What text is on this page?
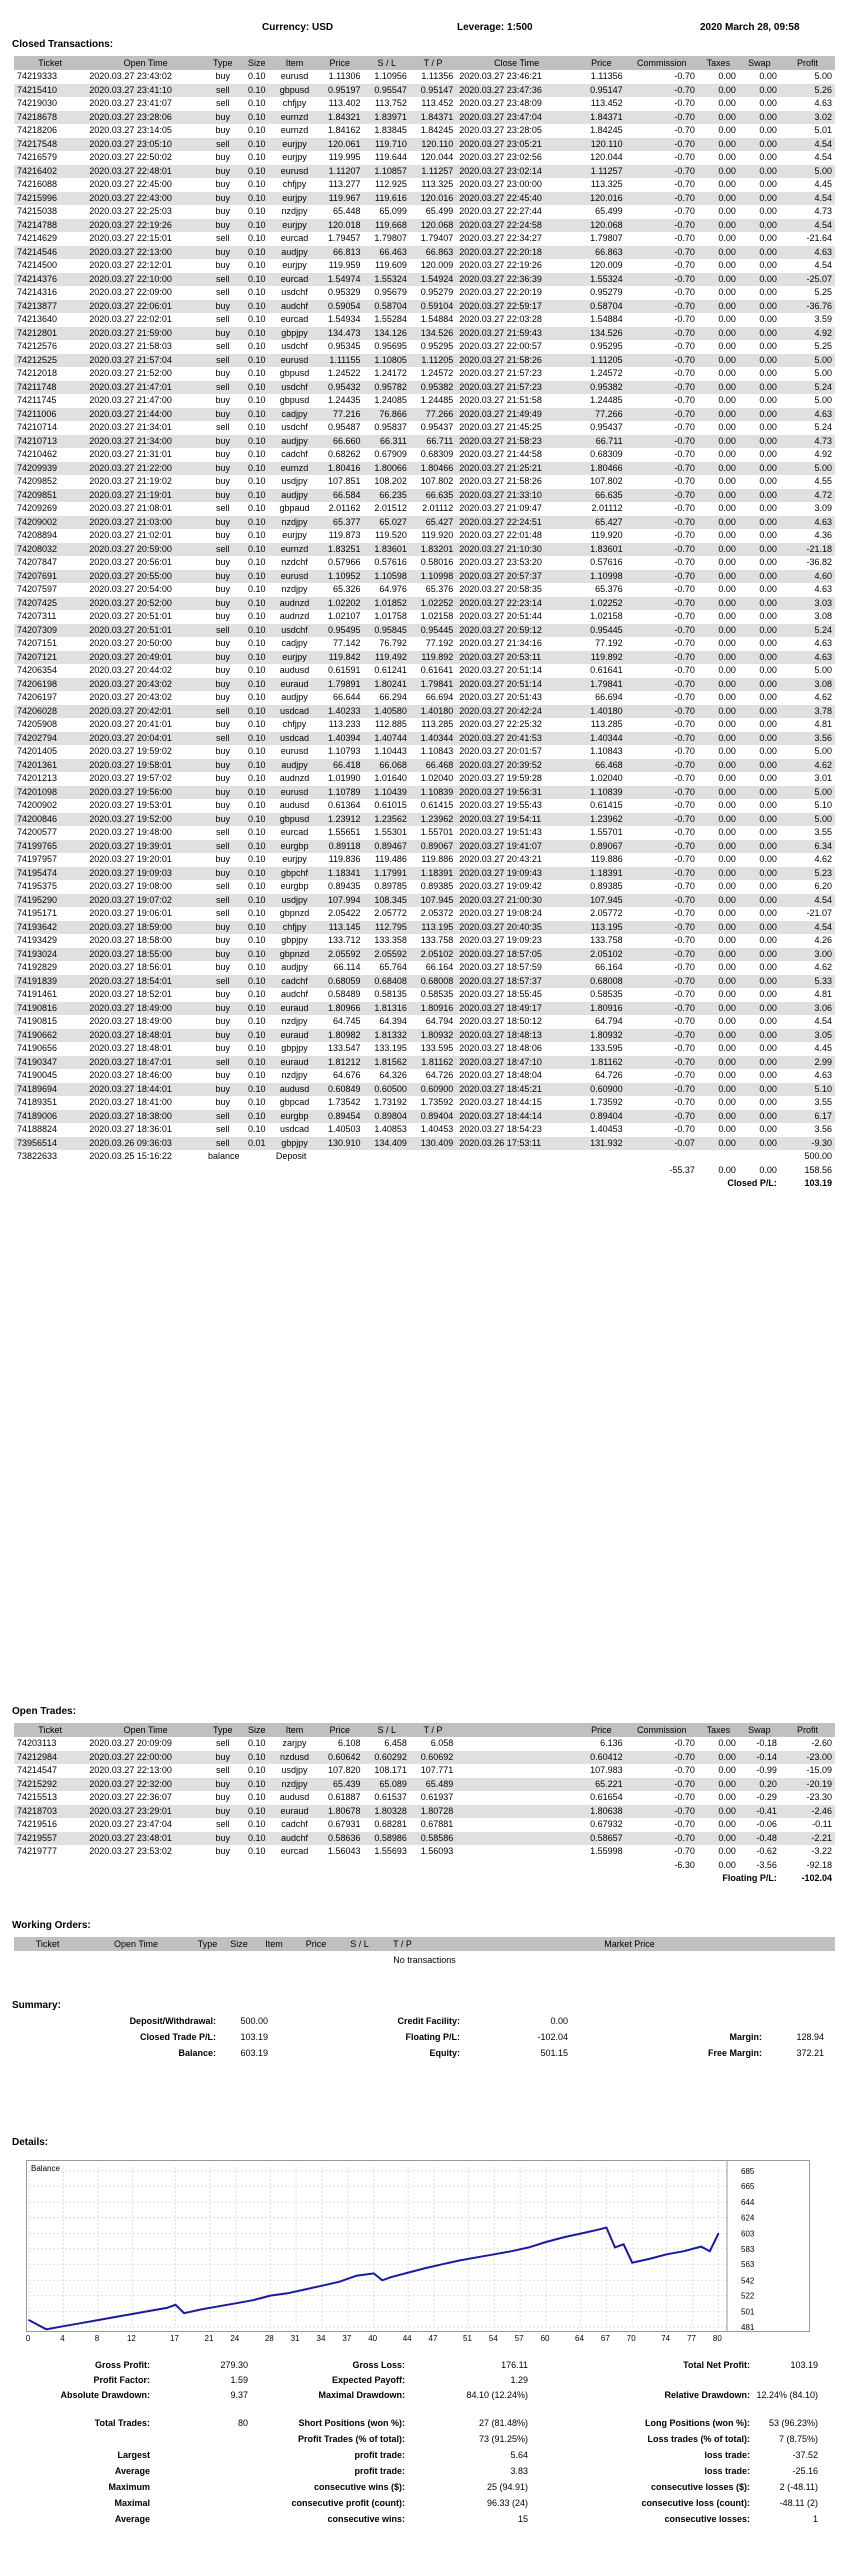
Currency: USD	Leverage: 1:500	2020 March 28, 09:58
Closed Transactions:
Ticket	Open Time	Type	Size	Item	Price	S / L	T / P	Close Time	Price	Commission	Taxes	Swap	Profit
74219333	2020.03.27 23:43:02	buy	0.10	eurusd	1.11306	1.10956	1.11356	2020.03.27 23:46:21	1.11356	-0.70	0.00	0.00	5.00
74215410	2020.03.27 23:41:10	sell	0.10	gbpusd	0.95197	0.95547	0.95147	2020.03.27 23:47:36	0.95147	-0.70	0.00	0.00	5.26
74219030	2020.03.27 23:41:07	sell	0.10	chfjpy	113.402	113.752	113.452	2020.03.27 23:48:09	113.452	-0.70	0.00	0.00	4.63
74218678	2020.03.27 23:28:06	buy	0.10	eurnzd	1.84321	1.83971	1.84371	2020.03.27 23:47:04	1.84371	-0.70	0.00	0.00	3.02
74218206	2020.03.27 23:14:05	buy	0.10	eurnzd	1.84162	1.83845	1.84245	2020.03.27 23:28:05	1.84245	-0.70	0.00	0.00	5.01
74217548	2020.03.27 23:05:10	sell	0.10	eurjpy	120.061	119.710	120.110	2020.03.27 23:05:21	120.110	-0.70	0.00	0.00	4.54
74216579	2020.03.27 22:50:02	buy	0.10	eurjpy	119.995	119.644	120.044	2020.03.27 23:02:56	120.044	-0.70	0.00	0.00	4.54
74216402	2020.03.27 22:48:01	buy	0.10	eurusd	1.11207	1.10857	1.11257	2020.03.27 23:02:14	1.11257	-0.70	0.00	0.00	5.00
74216088	2020.03.27 22:45:00	buy	0.10	chfjpy	113.277	112.925	113.325	2020.03.27 23:00:00	113.325	-0.70	0.00	0.00	4.45
74215996	2020.03.27 22:43:00	buy	0.10	eurjpy	119.967	119.616	120.016	2020.03.27 22:45:40	120.016	-0.70	0.00	0.00	4.54
74215038	2020.03.27 22:25:03	buy	0.10	nzdjpy	65.448	65.099	65.499	2020.03.27 22:27:44	65.499	-0.70	0.00	0.00	4.73
74214788	2020.03.27 22:19:26	buy	0.10	eurjpy	120.018	119.668	120.068	2020.03.27 22:24:58	120.068	-0.70	0.00	0.00	4.54
74214629	2020.03.27 22:15:01	sell	0.10	eurcad	1.79457	1.79807	1.79407	2020.03.27 22:34:27	1.79807	-0.70	0.00	0.00	-21.64
74214546	2020.03.27 22:13:00	buy	0.10	audjpy	66.813	66.463	66.863	2020.03.27 22:20:18	66.863	-0.70	0.00	0.00	4.63
74214500	2020.03.27 22:12:01	buy	0.10	eurjpy	119.959	119.609	120.009	2020.03.27 22:19:26	120.009	-0.70	0.00	0.00	4.54
74214376	2020.03.27 22:10:00	sell	0.10	eurcad	1.54974	1.55324	1.54924	2020.03.27 22:36:39	1.55324	-0.70	0.00	0.00	-25.07
74214316	2020.03.27 22:09:00	sell	0.10	usdchf	0.95329	0.95679	0.95279	2020.03.27 22:20:19	0.95279	-0.70	0.00	0.00	5.25
74213877	2020.03.27 22:06:01	buy	0.10	audchf	0.59054	0.58704	0.59104	2020.03.27 22:59:17	0.58704	-0.70	0.00	0.00	-36.76
74213640	2020.03.27 22:02:01	sell	0.10	eurcad	1.54934	1.55284	1.54884	2020.03.27 22:03:28	1.54884	-0.70	0.00	0.00	3.59
74212801	2020.03.27 21:59:00	buy	0.10	gbpjpy	134.473	134.126	134.526	2020.03.27 21:59:43	134.526	-0.70	0.00	0.00	4.92
74212576	2020.03.27 21:58:03	sell	0.10	usdchf	0.95345	0.95695	0.95295	2020.03.27 22:00:57	0.95295	-0.70	0.00	0.00	5.25
74212525	2020.03.27 21:57:04	sell	0.10	eurusd	1.11155	1.10805	1.11205	2020.03.27 21:58:26	1.11205	-0.70	0.00	0.00	5.00
74212018	2020.03.27 21:52:00	buy	0.10	gbpusd	1.24522	1.24172	1.24572	2020.03.27 21:57:23	1.24572	-0.70	0.00	0.00	5.00
74211748	2020.03.27 21:47:01	sell	0.10	usdchf	0.95432	0.95782	0.95382	2020.03.27 21:57:23	0.95382	-0.70	0.00	0.00	5.24
74211745	2020.03.27 21:47:00	buy	0.10	gbpusd	1.24435	1.24085	1.24485	2020.03.27 21:51:58	1.24485	-0.70	0.00	0.00	5.00
74211006	2020.03.27 21:44:00	buy	0.10	cadjpy	77.216	76.866	77.266	2020.03.27 21:49:49	77.266	-0.70	0.00	0.00	4.63
74210714	2020.03.27 21:34:01	sell	0.10	usdchf	0.95487	0.95837	0.95437	2020.03.27 21:45:25	0.95437	-0.70	0.00	0.00	5.24
74210713	2020.03.27 21:34:00	buy	0.10	audjpy	66.660	66.311	66.711	2020.03.27 21:58:23	66.711	-0.70	0.00	0.00	4.73
74210462	2020.03.27 21:31:01	buy	0.10	cadchf	0.68262	0.67909	0.68309	2020.03.27 21:44:58	0.68309	-0.70	0.00	0.00	4.92
74209939	2020.03.27 21:22:00	buy	0.10	eurnzd	1.80416	1.80066	1.80466	2020.03.27 21:25:21	1.80466	-0.70	0.00	0.00	5.00
74209852	2020.03.27 21:19:02	buy	0.10	usdjpy	107.851	108.202	107.802	2020.03.27 21:58:26	107.802	-0.70	0.00	0.00	4.55
74209851	2020.03.27 21:19:01	buy	0.10	audjpy	66.584	66.235	66.635	2020.03.27 21:33:10	66.635	-0.70	0.00	0.00	4.72
74209269	2020.03.27 21:08:01	sell	0.10	gbpaud	2.01162	2.01512	2.01112	2020.03.27 21:09:47	2.01112	-0.70	0.00	0.00	3.09
74209002	2020.03.27 21:03:00	buy	0.10	nzdjpy	65.377	65.027	65.427	2020.03.27 22:24:51	65.427	-0.70	0.00	0.00	4.63
74208894	2020.03.27 21:02:01	buy	0.10	eurjpy	119.873	119.520	119.920	2020.03.27 22:01:48	119.920	-0.70	0.00	0.00	4.36
74208032	2020.03.27 20:59:00	sell	0.10	eurnzd	1.83251	1.83601	1.83201	2020.03.27 21:10:30	1.83601	-0.70	0.00	0.00	-21.18
74207847	2020.03.27 20:56:01	buy	0.10	nzdchf	0.57966	0.57616	0.58016	2020.03.27 23:53:20	0.57616	-0.70	0.00	0.00	-36.82
74207691	2020.03.27 20:55:00	buy	0.10	eurusd	1.10952	1.10598	1.10998	2020.03.27 20:57:37	1.10998	-0.70	0.00	0.00	4.60
74207597	2020.03.27 20:54:00	buy	0.10	nzdjpy	65.326	64.976	65.376	2020.03.27 20:58:35	65.376	-0.70	0.00	0.00	4.63
74207425	2020.03.27 20:52:00	buy	0.10	audnzd	1.02202	1.01852	1.02252	2020.03.27 22:23:14	1.02252	-0.70	0.00	0.00	3.03
74207311	2020.03.27 20:51:01	buy	0.10	audnzd	1.02107	1.01758	1.02158	2020.03.27 20:51:44	1.02158	-0.70	0.00	0.00	3.08
74207309	2020.03.27 20:51:01	sell	0.10	usdchf	0.95495	0.95845	0.95445	2020.03.27 20:59:12	0.95445	-0.70	0.00	0.00	5.24
74207151	2020.03.27 20:50:00	buy	0.10	cadjpy	77.142	76.792	77.192	2020.03.27 21:34:16	77.192	-0.70	0.00	0.00	4.63
74207121	2020.03.27 20:49:01	buy	0.10	eurjpy	119.842	119.492	119.892	2020.03.27 20:53:11	119.892	-0.70	0.00	0.00	4.63
74206354	2020.03.27 20:44:02	buy	0.10	audusd	0.61591	0.61241	0.61641	2020.03.27 20:51:14	0.61641	-0.70	0.00	0.00	5.00
74206198	2020.03.27 20:43:02	buy	0.10	euraud	1.79891	1.80241	1.79841	2020.03.27 20:51:14	1.79841	-0.70	0.00	0.00	3.08
74206197	2020.03.27 20:43:02	buy	0.10	audjpy	66.644	66.294	66.694	2020.03.27 20:51:43	66.694	-0.70	0.00	0.00	4.62
74206028	2020.03.27 20:42:01	sell	0.10	usdcad	1.40233	1.40580	1.40180	2020.03.27 20:42:24	1.40180	-0.70	0.00	0.00	3.78
74205908	2020.03.27 20:41:01	buy	0.10	chfjpy	113.233	112.885	113.285	2020.03.27 22:25:32	113.285	-0.70	0.00	0.00	4.81
74202794	2020.03.27 20:04:01	sell	0.10	usdcad	1.40394	1.40744	1.40344	2020.03.27 20:41:53	1.40344	-0.70	0.00	0.00	3.56
74201405	2020.03.27 19:59:02	buy	0.10	eurusd	1.10793	1.10443	1.10843	2020.03.27 20:01:57	1.10843	-0.70	0.00	0.00	5.00
74201361	2020.03.27 19:58:01	buy	0.10	audjpy	66.418	66.068	66.468	2020.03.27 20:39:52	66.468	-0.70	0.00	0.00	4.62
74201213	2020.03.27 19:57:02	buy	0.10	audnzd	1.01990	1.01640	1.02040	2020.03.27 19:59:28	1.02040	-0.70	0.00	0.00	3.01
74201098	2020.03.27 19:56:00	buy	0.10	eurusd	1.10789	1.10439	1.10839	2020.03.27 19:56:31	1.10839	-0.70	0.00	0.00	5.00
74200902	2020.03.27 19:53:01	buy	0.10	audusd	0.61364	0.61015	0.61415	2020.03.27 19:55:43	0.61415	-0.70	0.00	0.00	5.10
74200846	2020.03.27 19:52:00	buy	0.10	gbpusd	1.23912	1.23562	1.23962	2020.03.27 19:54:11	1.23962	-0.70	0.00	0.00	5.00
74200577	2020.03.27 19:48:00	sell	0.10	eurcad	1.55651	1.55301	1.55701	2020.03.27 19:51:43	1.55701	-0.70	0.00	0.00	3.55
74199765	2020.03.27 19:39:01	sell	0.10	eurgbp	0.89118	0.89467	0.89067	2020.03.27 19:41:07	0.89067	-0.70	0.00	0.00	6.34
74197957	2020.03.27 19:20:01	buy	0.10	eurjpy	119.836	119.486	119.886	2020.03.27 20:43:21	119.886	-0.70	0.00	0.00	4.62
74195474	2020.03.27 19:09:03	buy	0.10	gbpchf	1.18341	1.17991	1.18391	2020.03.27 19:09:43	1.18391	-0.70	0.00	0.00	5.23
74195375	2020.03.27 19:08:00	sell	0.10	eurgbp	0.89435	0.89785	0.89385	2020.03.27 19:09:42	0.89385	-0.70	0.00	0.00	6.20
74195290	2020.03.27 19:07:02	sell	0.10	usdjpy	107.994	108.345	107.945	2020.03.27 21:00:30	107.945	-0.70	0.00	0.00	4.54
74195171	2020.03.27 19:06:01	sell	0.10	gbpnzd	2.05422	2.05772	2.05372	2020.03.27 19:08:24	2.05772	-0.70	0.00	0.00	-21.07
74193642	2020.03.27 18:59:00	buy	0.10	chfjpy	113.145	112.795	113.195	2020.03.27 20:40:35	113.195	-0.70	0.00	0.00	4.54
74193429	2020.03.27 18:58:00	buy	0.10	gbpjpy	133.712	133.358	133.758	2020.03.27 19:09:23	133.758	-0.70	0.00	0.00	4.26
74193024	2020.03.27 18:55:00	buy	0.10	gbpnzd	2.05592	2.05592	2.05102	2020.03.27 18:57:05	2.05102	-0.70	0.00	0.00	3.00
74192829	2020.03.27 18:56:01	buy	0.10	audjpy	66.114	65.764	66.164	2020.03.27 18:57:59	66.164	-0.70	0.00	0.00	4.62
74191839	2020.03.27 18:54:01	sell	0.10	cadchf	0.68059	0.68408	0.68008	2020.03.27 18:57:37	0.68008	-0.70	0.00	0.00	5.33
74191461	2020.03.27 18:52:01	buy	0.10	audchf	0.58489	0.58135	0.58535	2020.03.27 18:55:45	0.58535	-0.70	0.00	0.00	4.81
74190816	2020.03.27 18:49:00	buy	0.10	euraud	1.80966	1.81316	1.80916	2020.03.27 18:49:17	1.80916	-0.70	0.00	0.00	3.06
74190815	2020.03.27 18:49:00	buy	0.10	nzdjpy	64.745	64.394	64.794	2020.03.27 18:50:12	64.794	-0.70	0.00	0.00	4.54
74190662	2020.03.27 18:48:01	buy	0.10	euraud	1.80982	1.81332	1.80932	2020.03.27 18:48:13	1.80932	-0.70	0.00	0.00	3.05
74190656	2020.03.27 18:48:01	buy	0.10	gbpjpy	133.547	133.195	133.595	2020.03.27 18:48:06	133.595	-0.70	0.00	0.00	4.45
74190347	2020.03.27 18:47:01	sell	0.10	euraud	1.81212	1.81562	1.81162	2020.03.27 18:47:10	1.81162	-0.70	0.00	0.00	2.99
74190045	2020.03.27 18:46:00	buy	0.10	nzdjpy	64.676	64.326	64.726	2020.03.27 18:48:04	64.726	-0.70	0.00	0.00	4.63
74189694	2020.03.27 18:44:01	buy	0.10	audusd	0.60849	0.60500	0.60900	2020.03.27 18:45:21	0.60900	-0.70	0.00	0.00	5.10
74189351	2020.03.27 18:41:00	buy	0.10	gbpcad	1.73542	1.73192	1.73592	2020.03.27 18:44:15	1.73592	-0.70	0.00	0.00	3.55
74189006	2020.03.27 18:38:00	sell	0.10	eurgbp	0.89454	0.89804	0.89404	2020.03.27 18:44:14	0.89404	-0.70	0.00	0.00	6.17
74188824	2020.03.27 18:36:01	sell	0.10	usdcad	1.40503	1.40853	1.40453	2020.03.27 18:54:23	1.40453	-0.70	0.00	0.00	3.56
73956514	2020.03.26 09:36:03	sell	0.01	gbpjpy	130.910	134.409	130.409	2020.03.26 17:53:11	131.932	-0.07	0.00	0.00	-9.30
73822633	2020.03.25 15:16:22	balance		Deposit									500.00
										-55.37	0.00	0.00	158.56
										Closed P/L:			103.19
Open Trades:
Ticket	Open Time	Type	Size	Item	Price	S / L	T / P		Price	Commission	Taxes	Swap	Profit
74203113	2020.03.27 20:09:09	sell	0.10	zarjpy	6.108	6.458	6.058		6.136	-0.70	0.00	-0.18	-2.60
74212984	2020.03.27 22:00:00	buy	0.10	nzdusd	0.60642	0.60292	0.60692		0.60412	-0.70	0.00	-0.14	-23.00
74214547	2020.03.27 22:13:00	sell	0.10	usdjpy	107.820	108.171	107.771		107.983	-0.70	0.00	-0.99	-15.09
74215292	2020.03.27 22:32:00	buy	0.10	nzdjpy	65.439	65.089	65.489		65.221	-0.70	0.00	0.20	-20.19
74215513	2020.03.27 22:36:07	buy	0.10	audusd	0.61887	0.61537	0.61937		0.61654	-0.70	0.00	-0.29	-23.30
74218703	2020.03.27 23:29:01	buy	0.10	euraud	1.80678	1.80328	1.80728		1.80638	-0.70	0.00	-0.41	-2.46
74219516	2020.03.27 23:47:04	sell	0.10	cadchf	0.67931	0.68281	0.67881		0.67932	-0.70	0.00	-0.06	-0.11
74219557	2020.03.27 23:48:01	buy	0.10	audchf	0.58636	0.58986	0.58586		0.58657	-0.70	0.00	-0.48	-2.21
74219777	2020.03.27 23:53:02	buy	0.10	eurcad	1.56043	1.55693	1.56093		1.55998	-0.70	0.00	-0.62	-3.22
										-6.30	0.00	-3.56	-92.18
										Floating P/L:			-102.04
Working Orders:
Ticket	Open Time	Type	Size	Item	Price	S / L	T / P	Market Price
No transactions
Summary:
Deposit/Withdrawal:	500.00	Credit Facility:	0.00
Closed Trade P/L:	103.19	Floating P/L:	-102.04	Margin:	128.94
Balance:	603.19	Equity:	501.15	Free Margin:	372.21
Details:
481
501
522
542
563
583
603
624
644
665
685
Balance
0	4	8	12	17	21 24	28 31 34 37 40	44 47	51 54 57 60	64 67 70	74 77 80
Gross Profit:	279.30	Gross Loss:	176.11	Total Net Profit:	103.19
Profit Factor:	1.59	Expected Payoff:	1.29
Absolute Drawdown:	9.37	Maximal Drawdown:	84.10 (12.24%)	Relative Drawdown: 12.24% (84.10)
Total Trades:	80	Short Positions (won %):	27 (81.48%)	Long Positions (won %):	53 (96.23%)
Profit Trades (% of total):	73 (91.25%)	Loss trades (% of total):	7 (8.75%)
Largest	profit trade:	5.64	loss trade:	-37.52
Average	profit trade:	3.83	loss trade:	-25.16
Maximum	consecutive wins ($):	25 (94.91)	consecutive losses ($):	2 (-48.11)
Maximal	consecutive profit (count):	96.33 (24)	consecutive loss (count):	-48.11 (2)
Average	consecutive wins:	15	consecutive losses:	1
